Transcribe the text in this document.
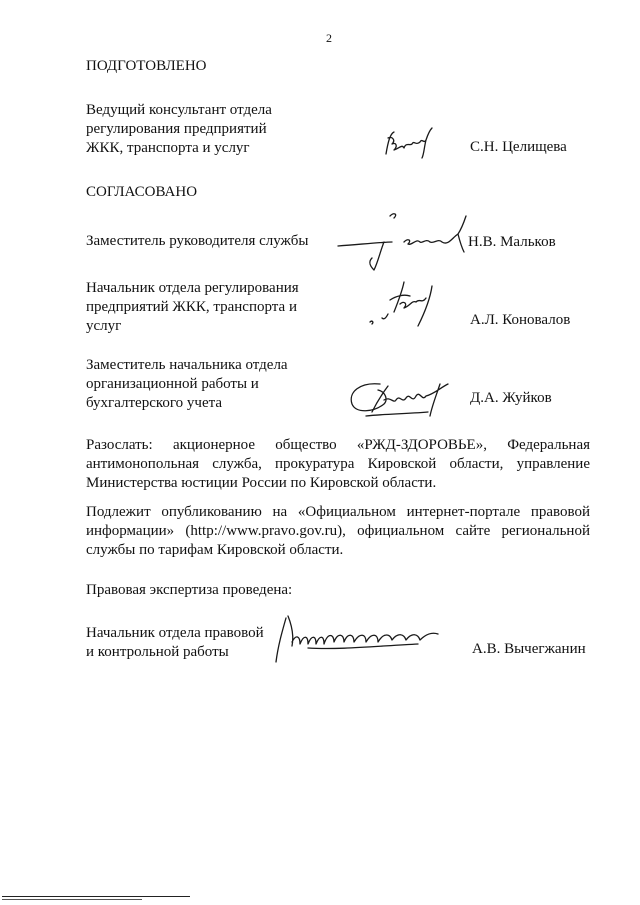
2
ПОДГОТОВЛЕНО
Ведущий консультант отдела
регулирования предприятий
ЖКК, транспорта и услуг	С.Н. Целищева
СОГЛАСОВАНО
Заместитель руководителя службы	Н.В. Мальков
Начальник отдела регулирования
предприятий ЖКК, транспорта и
услуг	А.Л. Коновалов
Заместитель начальника отдела
организационной работы и
бухгалтерского учета	Д.А. Жуйков
Разослать: акционерное общество «РЖД-ЗДОРОВЬЕ», Федеральная
антимонопольная служба, прокуратура Кировской области, управление
Министерства юстиции России по Кировской области.
Подлежит опубликованию на «Официальном интернет-портале правовой
информации» (http://www.pravo.gov.ru), официальном сайте региональной
службы по тарифам Кировской области.
Правовая экспертиза проведена:
Начальник отдела правовой
и контрольной работы	А.В. Вычегжанин
